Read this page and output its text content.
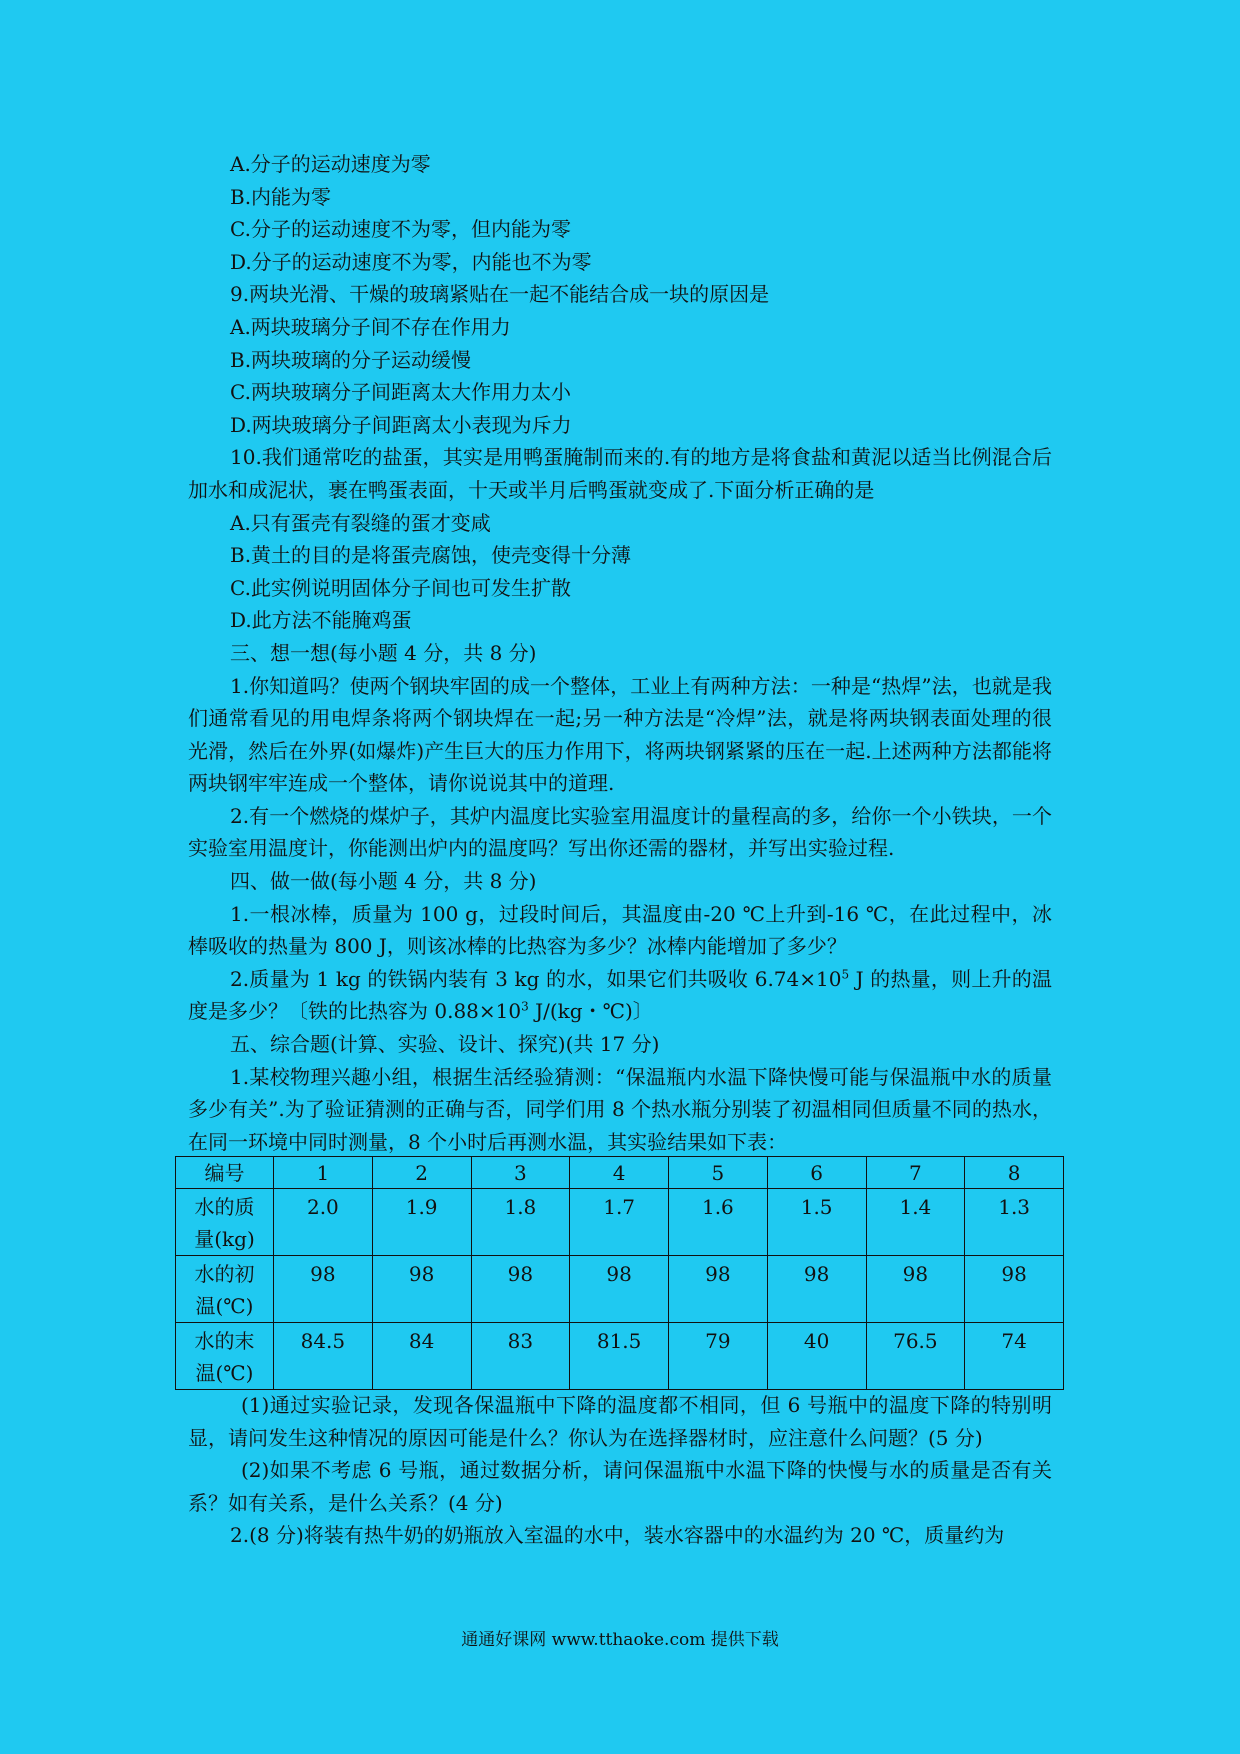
A.分子的运动速度为零
B.内能为零
C.分子的运动速度不为零，但内能为零
D.分子的运动速度不为零，内能也不为零
9.两块光滑、干燥的玻璃紧贴在一起不能结合成一块的原因是
A.两块玻璃分子间不存在作用力
B.两块玻璃的分子运动缓慢
C.两块玻璃分子间距离太大作用力太小
D.两块玻璃分子间距离太小表现为斥力
10.我们通常吃的盐蛋，其实是用鸭蛋腌制而来的.有的地方是将食盐和黄泥以适当比例混合后加水和成泥状，裹在鸭蛋表面，十天或半月后鸭蛋就变成了.下面分析正确的是
A.只有蛋壳有裂缝的蛋才变咸
B.黄土的目的是将蛋壳腐蚀，使壳变得十分薄
C.此实例说明固体分子间也可发生扩散
D.此方法不能腌鸡蛋
三、想一想(每小题 4 分，共 8 分)
1.你知道吗？使两个钢块牢固的成一个整体，工业上有两种方法：一种是“热焊”法，也就是我们通常看见的用电焊条将两个钢块焊在一起;另一种方法是“冷焊”法，就是将两块钢表面处理的很光滑，然后在外界(如爆炸)产生巨大的压力作用下，将两块钢紧紧的压在一起.上述两种方法都能将两块钢牢牢连成一个整体，请你说说其中的道理.
2.有一个燃烧的煤炉子，其炉内温度比实验室用温度计的量程高的多，给你一个小铁块，一个实验室用温度计，你能测出炉内的温度吗？写出你还需的器材，并写出实验过程.
四、做一做(每小题 4 分，共 8 分)
1.一根冰棒，质量为 100 g，过段时间后，其温度由-20 ℃上升到-16 ℃，在此过程中，冰棒吸收的热量为 800 J，则该冰棒的比热容为多少？冰棒内能增加了多少？
2.质量为 1 kg 的铁锅内装有 3 kg 的水，如果它们共吸收 $6.74\times 10^5$ J 的热量，则上升的温度是多少？〔铁的比热容为 $0.88\times 10^3$ J/(kg・℃)〕
五、综合题(计算、实验、设计、探究)(共 17 分)
1.某校物理兴趣小组，根据生活经验猜测：“保温瓶内水温下降快慢可能与保温瓶中水的质量多少有关”.为了验证猜测的正确与否，同学们用 8 个热水瓶分别装了初温相同但质量不同的热水，在同一环境中同时测量，8 个小时后再测水温，其实验结果如下表：
编号	1	2	3	4	5	6	7	8

水的质
量(kg)	2.0	1.9	1.8	1.7	1.6	1.5	1.4	1.3

水的初
温(℃)	98	98	98	98	98	98	98	98

水的末
温(℃)	84.5	84	83	81.5	79	40	76.5	74
(1)通过实验记录，发现各保温瓶中下降的温度都不相同，但 6 号瓶中的温度下降的特别明显，请问发生这种情况的原因可能是什么？你认为在选择器材时，应注意什么问题？(5 分)
(2)如果不考虑 6 号瓶，通过数据分析，请问保温瓶中水温下降的快慢与水的质量是否有关系？如有关系，是什么关系？(4 分)
2.(8 分)将装有热牛奶的奶瓶放入室温的水中，装水容器中的水温约为 20 ℃，质量约为
通通好课网 www.tthaoke.com 提供下载
